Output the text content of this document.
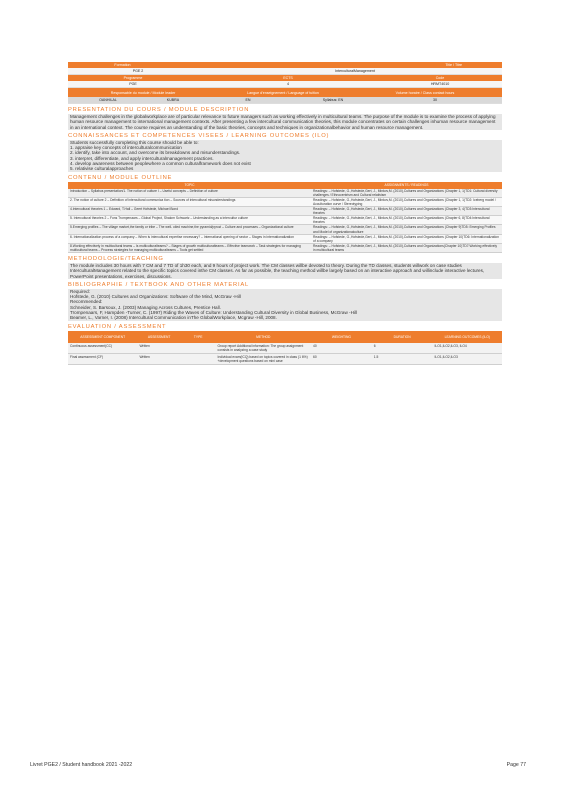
Formation	Title / Titre
PGE 2	InterculturalManagement
Programme	ECTS	Code
PGE	4	HRMT4010
Responsable du module / Module leader	Langue d'enseignement / Language of tuition	Volume horaire / Class contact hours
OANHILAL	KUBRA	EN	Syllabus: EN	30
PRESENTATION DU COURS / MODULE DESCRIPTION

Management challenges in the globalworkplace are of particular relevance to future managers such as working effectively in multicultural teams. The purpose of the module is to examine the process of applying human resource management to international management contexts. After presenting a few intercultural communication theories, this module concentrates on certain challenges inhuman resource management in an international context. The course requires an understanding of the basic theories, concepts and techniques in organizationalbehavior and human resource management.

CONNAISSANCES ET COMPETENCES VISEES / LEARNING OUTCOMES (ILO)

Students successfully completing this course should be able to:

1. appraise key concepts of interculturalcommunication

2. identify, take into account, and overcome its breakdowns and misunderstandings.

3. interpret, differentiate, and apply interculturalmanagement practices.

4. develop awareness between peoplewhere a common culturalframework does not exist

5. relativise culturalapproaches

CONTENU / MODULE OUTLINE
TOPIC	ASSIGNMENTS / READINGS
Introduction – Syllabus presentation/1. The notion of culture I – Useful concepts – Definition of culture	Readings: – Hofstede, G.,Hofstede,Gert, J., Minkov,M. (2010),Cultures and Organizations (Chapter 1, 1)TD1: Cultural diversity challenges / Ethnocentrism and Cultural relativism
2. The notion of culture 2 – Definition of intercultural communica tion – Sources of intercultural misunderstandings	Readings: – Hofstede, G.,Hofstede,Gert, J., Minkov,M. (2010),Cultures and Organizations (Chapter 1, 1)TD2: Iceberg model / Acculturation curve / Stereotyping
4.Intercultural theories 1 – Edward, T.Hall – Geert Hofstede, Michael Bond	Readings: – Hofstede, G.,Hofstede,Gert, J., Minkov,M. (2010),Cultures and Organizations (Chapter 3, 4)TD3:Intercultural theories
5. Intercultural theories 2 – Fons Trompenaars – Global Project, Shalom Schwartz – Understanding as a intercultur culture	Readings: – Hofstede, G.,Hofstede,Gert, J., Minkov,M. (2010),Cultures and Organizations (Chapter 6, 8)TD4:Intercultural theories
5.Emerging profiles – The village market,the family or tribe – The well- oiled machine,the pyramid/pyrozi – Culture and processes – Organizational culture	Readings: – Hofstede, G.,Hofstede,Gert, J., Minkov,M. (2010),Cultures and Organizations (Chapter 9)TD5: Emerging Profiles and Model of organizationalculture
6. Internationalization process of a company – When is intercultural expertise necessary? – International opening of sector – Stages in internationalization	Readings: – Hofstede, G.,Hofstede,Gert, J., Minkov,M. (2010),Cultures and Organizations (Chapter 10)TD6: Internationalization of a company
8.Working effectively in multicultural teams – Is multiculturalteams? – Stages of growth multiculturalteams – Effective teamwork – Task strategies for managing multicultural teams – Process strategies for managing multiculturalteams – Tools get settled	Readings: – Hofstede, G.,Hofstede,Gert, J., Minkov,M. (2010),Cultures and Organizations(Chapter 10)TD7:Working effectively in multicultural teams
METHODOLOGIE/TEACHING

The module includes 30 hours with 7 CM and 7 TD of 1h30 each, and 9 hours of project work. The CM classes willbe devoted to theory. During the TD classes, students willwork on case studies InterculturalManagement related to the specific topics covered inthe CM classes. As far as possible, the teaching method willbe largely based on an interactive approach and willinclude interactive lectures, PowerPoint presentations, exercises, discussions.

BIBLIOGRAPHIE / TEXTBOOK AND OTHER MATERIAL

Required:

Hofstede, G. (2010) Cultures and Organizations: Software of the Mind, McGraw -Hill

Recommended:

Schneider, S. Barsoux, J. (2003) Managing Across Cultures, Prentice Hall.

Trompenaars, F, Hampden -Turner, C. (1997) Riding the Waves of Culture: Understanding Cultural Diversity in Global Business, McGraw -Hill

Beamer, L., Varner, I. (2008) Intercultural Communication inThe GlobalWorkplace, Mcgraw -Hill, 2008.

EVALUATION / ASSESSMENT
ASSESSMENT COMPONENT	ASSESSMENT	TYPE	METHOD	WEIGHTING	DURATION	LEARNING OUTCOMES (ILO)
Continuous assessment(CC)	Written		Group report Additional information: The group assignment consists in analyzing a case study	40	6	ILO1,ILO2,ILO3, ILO4
Final assessment (CF)	Written		Individual exam(ICQ) based on topics covered in class (1 6%) +development questions based on mini case	60	1.5	ILO1,ILO2,ILO3
Livret PGE2 / Student handbook 2021 -2022	Page 77
